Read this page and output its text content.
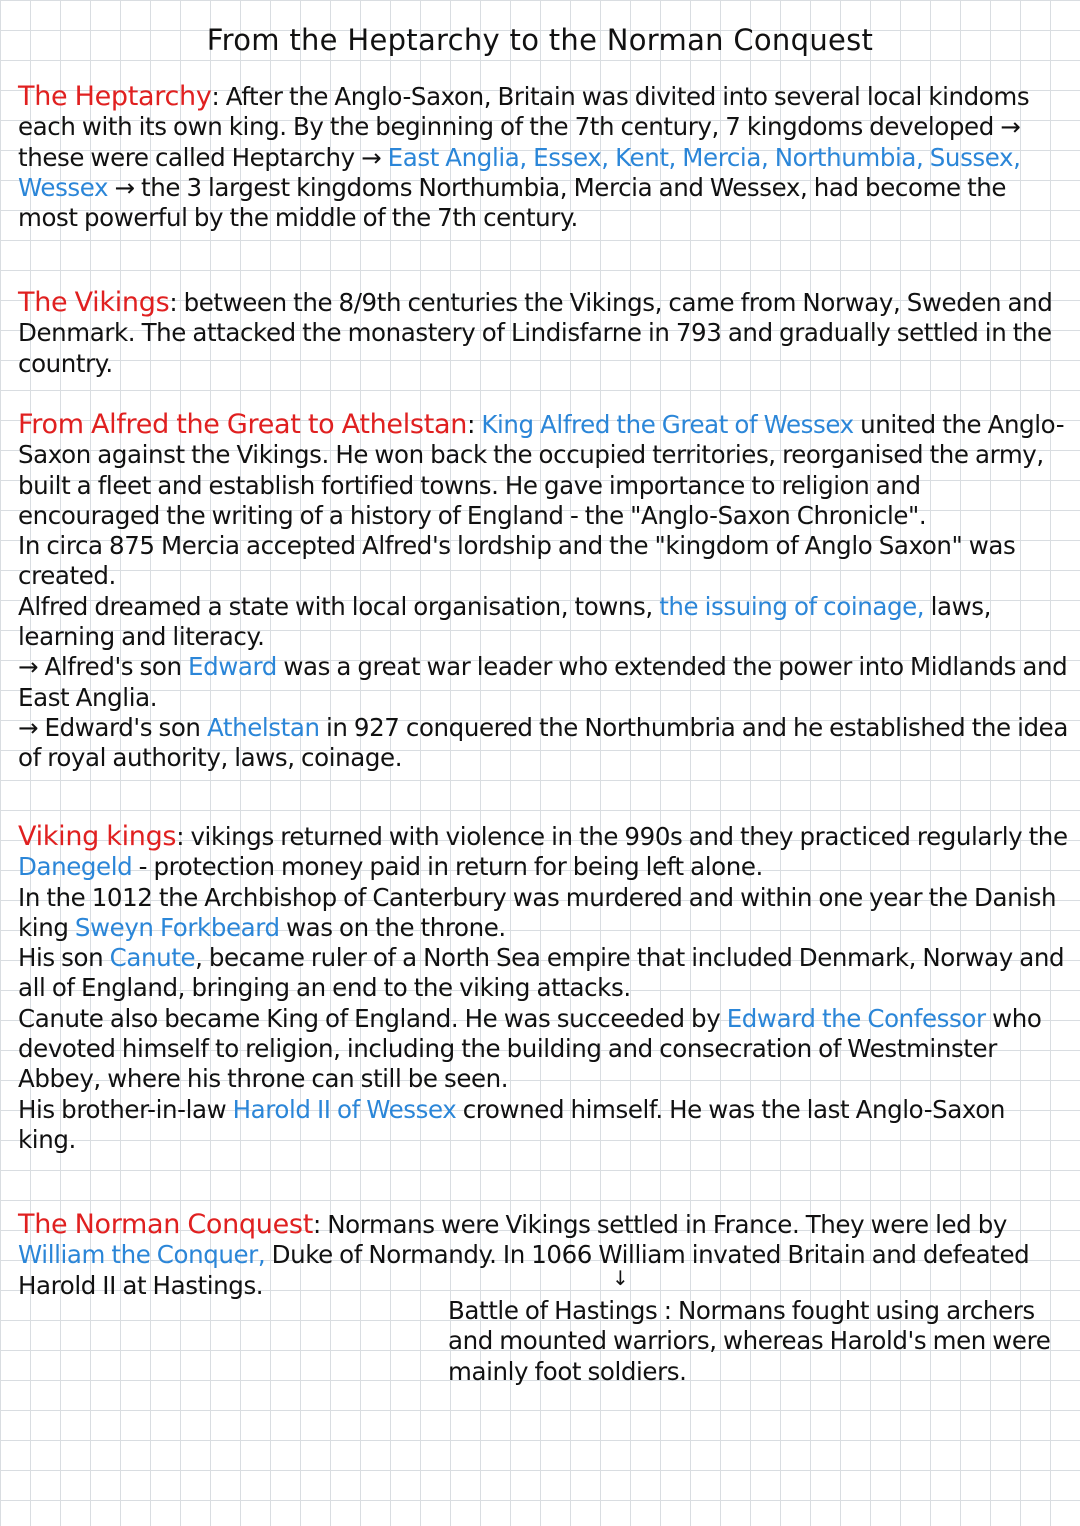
From the Heptarchy to the Norman Conquest

The Heptarchy: After the Anglo-Saxon, Britain was divited into several local kindoms each with its own king. By the beginning of the 7th century, 7 kingdoms developed → these were called Heptarchy → East Anglia, Essex, Kent, Mercia, Northumbia, Sussex, Wessex → the 3 largest kingdoms Northumbia, Mercia and Wessex, had become the most powerful by the middle of the 7th century.

The Vikings: between the 8/9th centuries the Vikings, came from Norway, Sweden and Denmark. The attacked the monastery of Lindisfarne in 793 and gradually settled in the country.

From Alfred the Great to Athelstan: King Alfred the Great of Wessex united the Anglo-Saxon against the Vikings. He won back the occupied territories, reorganised the army, built a fleet and establish fortified towns. He gave importance to religion and encouraged the writing of a history of England - the "Anglo-Saxon Chronicle".

In circa 875 Mercia accepted Alfred's lordship and the "kingdom of Anglo Saxon" was created.

Alfred dreamed a state with local organisation, towns, the issuing of coinage, laws, learning and literacy.

→ Alfred's son Edward was a great war leader who extended the power into Midlands and East Anglia.

→ Edward's son Athelstan in 927 conquered the Northumbria and he established the idea of royal authority, laws, coinage.

Viking kings: vikings returned with violence in the 990s and they practiced regularly the Danegeld - protection money paid in return for being left alone.

In the 1012 the Archbishop of Canterbury was murdered and within one year the Danish king Sweyn Forkbeard was on the throne.

His son Canute, became ruler of a North Sea empire that included Denmark, Norway and all of England, bringing an end to the viking attacks.

Canute also became King of England. He was succeeded by Edward the Confessor who devoted himself to religion, including the building and consecration of Westminster Abbey, where his throne can still be seen.

His brother-in-law Harold II of Wessex crowned himself. He was the last Anglo-Saxon king.

The Norman Conquest: Normans were Vikings settled in France. They were led by William the Conquer, Duke of Normandy. In 1066 William invated Britain and defeated Harold II at Hastings.	↓
Battle of Hastings : Normans fought using archers and mounted warriors, whereas Harold's men were mainly foot soldiers.
